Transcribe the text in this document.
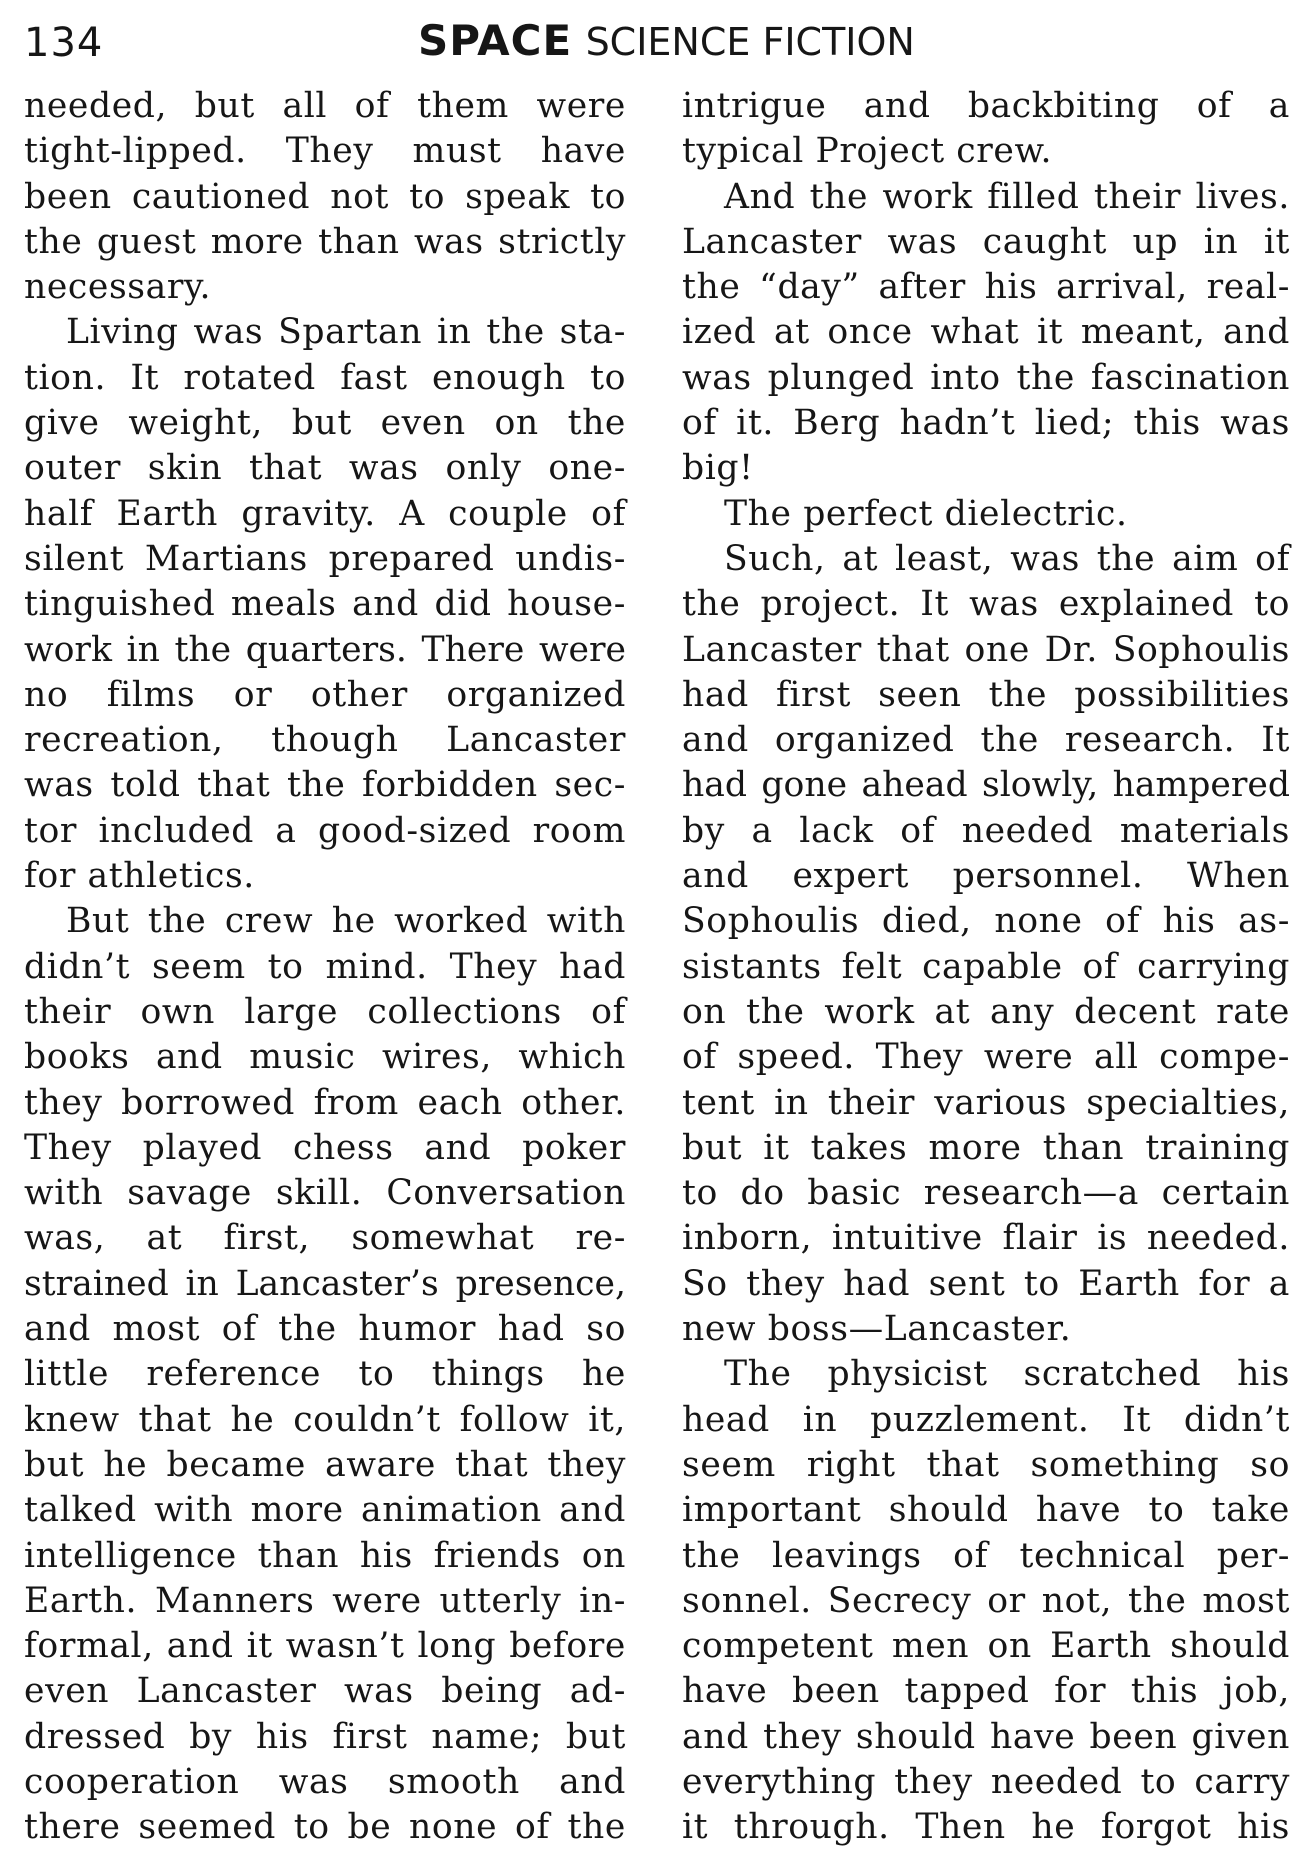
134	SPACE SCIENCE FICTION
needed, but all of them were
tight-lipped. They must have
been cautioned not to speak to
the guest more than was strictly
necessary.
Living was Spartan in the sta-
tion. It rotated fast enough to
give weight, but even on the
outer skin that was only one-
half Earth gravity. A couple of
silent Martians prepared undis-
tinguished meals and did house-
work in the quarters. There were
no films or other organized
recreation, though Lancaster
was told that the forbidden sec-
tor included a good-sized room
for athletics.
But the crew he worked with
didn’t seem to mind. They had
their own large collections of
books and music wires, which
they borrowed from each other.
They played chess and poker
with savage skill. Conversation
was, at first, somewhat re-
strained in Lancaster’s presence,
and most of the humor had so
little reference to things he
knew that he couldn’t follow it,
but he became aware that they
talked with more animation and
intelligence than his friends on
Earth. Manners were utterly in-
formal, and it wasn’t long before
even Lancaster was being ad-
dressed by his first name; but
cooperation was smooth and
there seemed to be none of the
intrigue and backbiting of a
typical Project crew.
And the work filled their lives.
Lancaster was caught up in it
the “day” after his arrival, real-
ized at once what it meant, and
was plunged into the fascination
of it. Berg hadn’t lied; this was
big!
The perfect dielectric.
Such, at least, was the aim of
the project. It was explained to
Lancaster that one Dr. Sophoulis
had first seen the possibilities
and organized the research. It
had gone ahead slowly, hampered
by a lack of needed materials
and expert personnel. When
Sophoulis died, none of his as-
sistants felt capable of carrying
on the work at any decent rate
of speed. They were all compe-
tent in their various specialties,
but it takes more than training
to do basic research—a certain
inborn, intuitive flair is needed.
So they had sent to Earth for a
new boss—Lancaster.
The physicist scratched his
head in puzzlement. It didn’t
seem right that something so
important should have to take
the leavings of technical per-
sonnel. Secrecy or not, the most
competent men on Earth should
have been tapped for this job,
and they should have been given
everything they needed to carry
it through. Then he forgot his
